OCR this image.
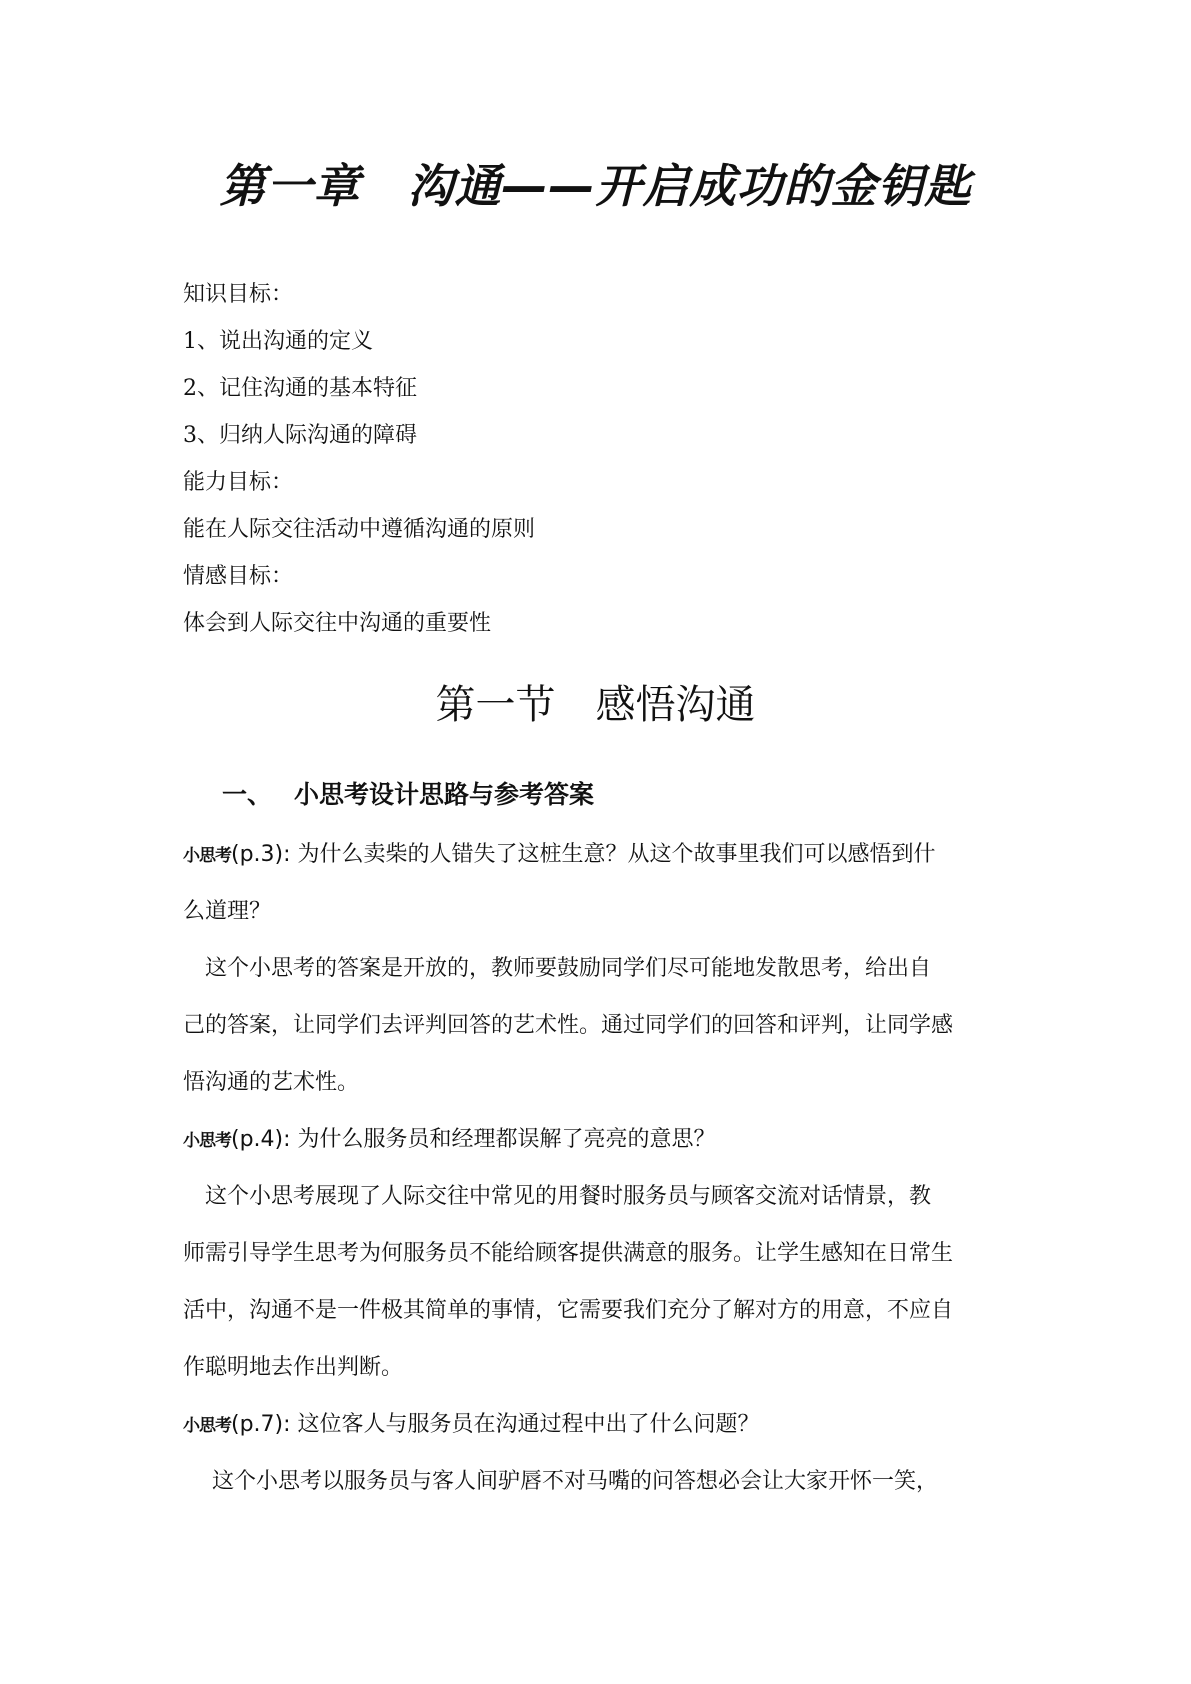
第一章　沟通——开启成功的金钥匙
知识目标：
1、说出沟通的定义
2、记住沟通的基本特征
3、归纳人际沟通的障碍
能力目标：
能在人际交往活动中遵循沟通的原则
情感目标：
体会到人际交往中沟通的重要性
第一节　感悟沟通
一、 小思考设计思路与参考答案
小思考(p.3): 为什么卖柴的人错失了这桩生意？从这个故事里我们可以感悟到什
么道理？
　这个小思考的答案是开放的，教师要鼓励同学们尽可能地发散思考，给出自
己的答案，让同学们去评判回答的艺术性。通过同学们的回答和评判，让同学感
悟沟通的艺术性。
小思考(p.4): 为什么服务员和经理都误解了亮亮的意思？
　这个小思考展现了人际交往中常见的用餐时服务员与顾客交流对话情景，教
师需引导学生思考为何服务员不能给顾客提供满意的服务。让学生感知在日常生
活中，沟通不是一件极其简单的事情，它需要我们充分了解对方的用意，不应自
作聪明地去作出判断。
小思考(p.7): 这位客人与服务员在沟通过程中出了什么问题？
　 这个小思考以服务员与客人间驴唇不对马嘴的问答想必会让大家开怀一笑，
